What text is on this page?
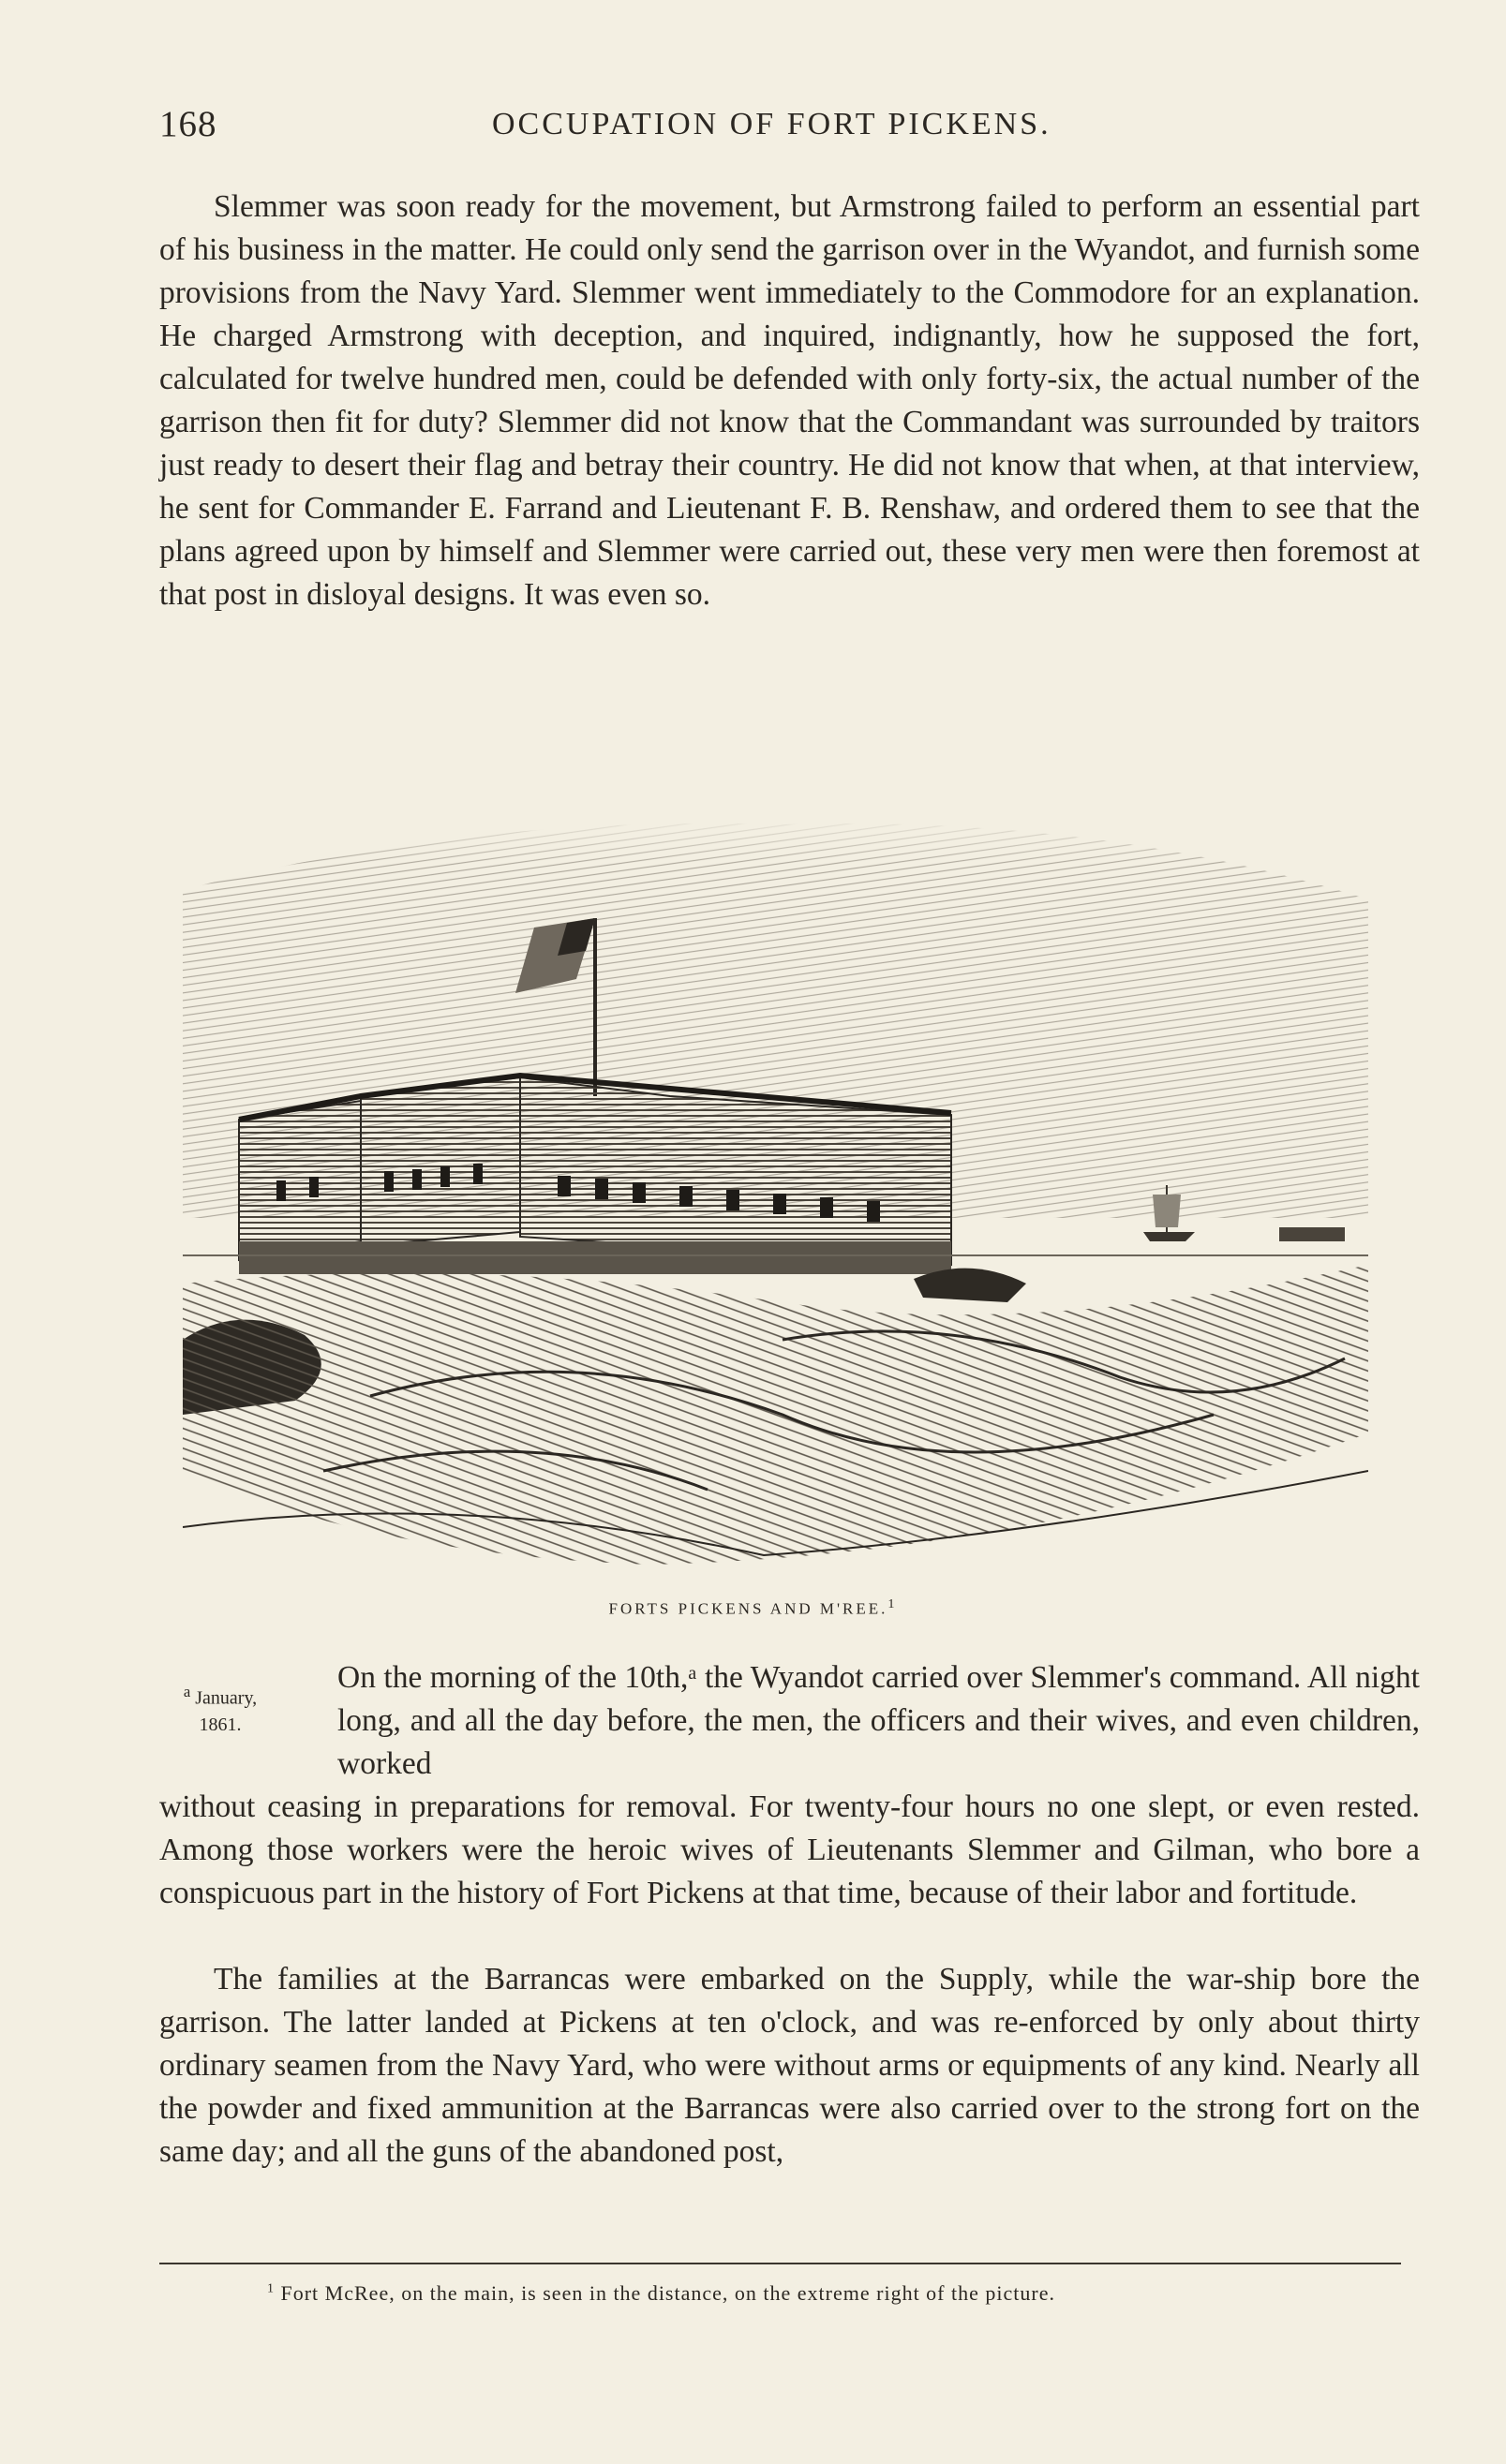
168	OCCUPATION OF FORT PICKENS.

Slemmer was soon ready for the movement, but Armstrong failed to perform an essential part of his business in the matter. He could only send the garrison over in the Wyandot, and furnish some provisions from the Navy Yard. Slemmer went immediately to the Commodore for an explanation. He charged Armstrong with deception, and inquired, indignantly, how he supposed the fort, calculated for twelve hundred men, could be defended with only forty-six, the actual number of the garrison then fit for duty? Slemmer did not know that the Commandant was surrounded by traitors just ready to desert their flag and betray their country. He did not know that when, at that interview, he sent for Commander E. Farrand and Lieutenant F. B. Renshaw, and ordered them to see that the plans agreed upon by himself and Slemmer were carried out, these very men were then foremost at that post in disloyal designs. It was even so.

FORTS PICKENS AND M'REE.$^1$
$^a$ January,
1861.

On the morning of the 10th,ᵃ the Wyandot carried over Slemmer's command. All night long, and all the day before, the men, the officers and their wives, and even children, worked
without ceasing in preparations for removal. For twenty-four hours no one slept, or even rested. Among those workers were the heroic wives of Lieutenants Slemmer and Gilman, who bore a conspicuous part in the history of Fort Pickens at that time, because of their labor and fortitude.

The families at the Barrancas were embarked on the Supply, while the war-ship bore the garrison. The latter landed at Pickens at ten o'clock, and was re-enforced by only about thirty ordinary seamen from the Navy Yard, who were without arms or equipments of any kind. Nearly all the powder and fixed ammunition at the Barrancas were also carried over to the strong fort on the same day; and all the guns of the abandoned post,

$^1$ Fort McRee, on the main, is seen in the distance, on the extreme right of the picture.
